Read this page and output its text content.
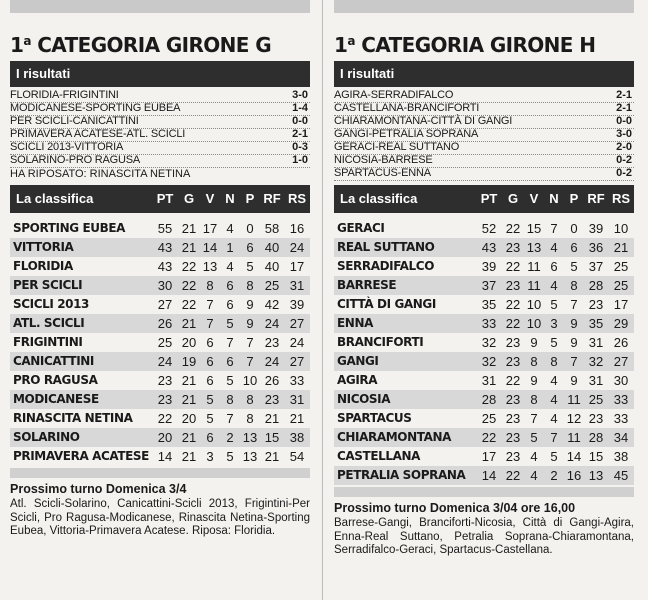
1$^a$ CATEGORIA GIRONE G
I risultati
FLORIDIA-FRIGINTINI	3-0
MODICANESE-SPORTING EUBEA	1-4
PER SCICLI-CANICATTINI	0-0
PRIMAVERA ACATESE-ATL. SCICLI	2-1
SCICLI 2013-VITTORIA	0-3
SOLARINO-PRO RAGUSA	1-0
HA RIPOSATO: RINASCITA NETINA
La classifica	PT G V N P RF RS
SPORTING EUBEA	55 21 17 4 0 58 16
VITTORIA	43 21 14 1 6 40 24
FLORIDIA	43 22 13 4 5 40 17
PER SCICLI	30 22 8 6 8 25 31
SCICLI 2013	27 22 7 6 9 42 39
ATL. SCICLI	26 21 7 5 9 24 27
FRIGINTINI	25 20 6 7 7 23 24
CANICATTINI	24 19 6 6 7 24 27
PRO RAGUSA	23 21 6 5 10 26 33
MODICANESE	23 21 5 8 8 23 31
RINASCITA NETINA	22 20 5 7 8 21 21
SOLARINO	20 21 6 2 13 15 38
PRIMAVERA ACATESE 14 21 3 5 13 21 54
Prossimo turno Domenica 3/4
Atl. Scicli-Solarino, Canicattini-Scicli 2013, Frigintini-Per Scicli, Pro Ragusa-Modicanese, Rinascita Netina-Sporting Eubea, Vittoria-Primavera Acatese. Riposa: Floridia.
1$^a$ CATEGORIA GIRONE H
I risultati
AGIRA-SERRADIFALCO	2-1
CASTELLANA-BRANCIFORTI	2-1
CHIARAMONTANA-CITTÀ DI GANGI	0-0
GANGI-PETRALIA SOPRANA	3-0
GERACI-REAL SUTTANO	2-0
NICOSIA-BARRESE	0-2
SPARTACUS-ENNA	0-2
La classifica	PT G V N P RF RS
GERACI	52 22 15 7 0 39 10
REAL SUTTANO	43 23 13 4 6 36 21
SERRADIFALCO	39 22 11 6 5 37 25
BARRESE	37 23 11 4 8 28 25
CITTÀ DI GANGI	35 22 10 5 7 23 17
ENNA	33 22 10 3 9 35 29
BRANCIFORTI	32 23 9 5 9 31 26
GANGI	32 23 8 8 7 32 27
AGIRA	31 22 9 4 9 31 30
NICOSIA	28 23 8 4 11 25 33
SPARTACUS	25 23 7 4 12 23 33
CHIARAMONTANA	22 23 5 7 11 28 34
CASTELLANA	17 23 4 5 14 15 38
PETRALIA SOPRANA	14 22 4 2 16 13 45
Prossimo turno Domenica 3/04 ore 16,00
Barrese-Gangi, Branciforti-Nicosia, Città di Gangi-Agira, Enna-Real Suttano, Petralia Soprana-Chiaramontana, Serradifalco-Geraci, Spartacus-Castellana.
